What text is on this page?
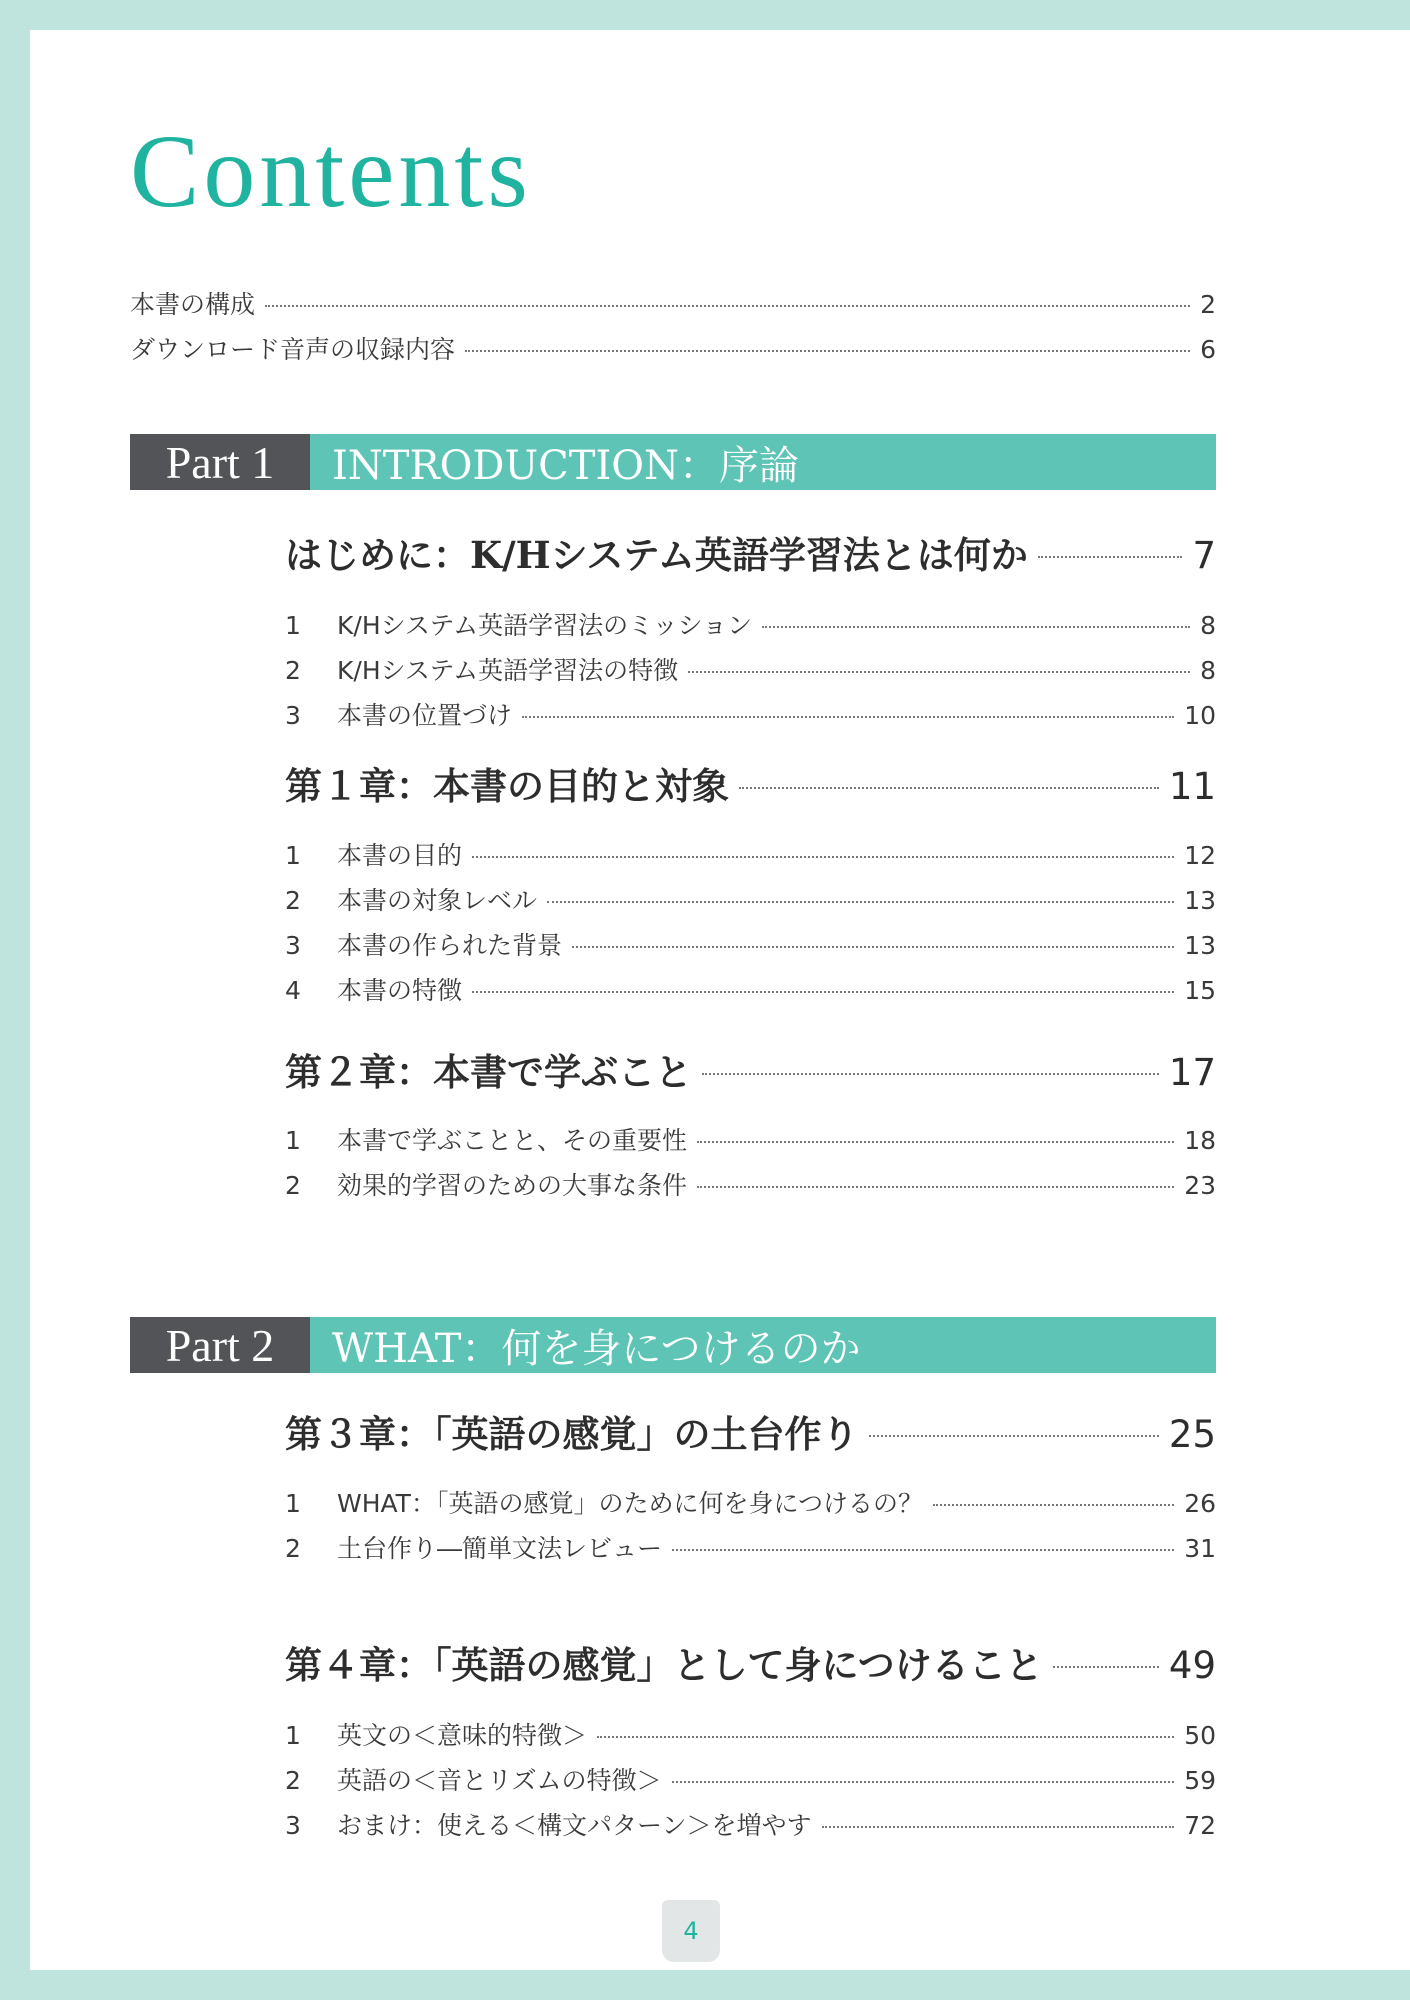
Contents
本書の構成	2
ダウンロード音声の収録内容	6
Part 1	INTRODUCTION：序論
はじめに：K/Hシステム英語学習法とは何か	7
1	K/Hシステム英語学習法のミッション	8
2	K/Hシステム英語学習法の特徴	8
3	本書の位置づけ	10
第１章：本書の目的と対象	11
1	本書の目的	12
2	本書の対象レベル	13
3	本書の作られた背景	13
4	本書の特徴	15
第２章：本書で学ぶこと	17
1	本書で学ぶことと、その重要性	18
2	効果的学習のための大事な条件	23
Part 2	WHAT：何を身につけるのか
第３章：「英語の感覚」の土台作り	25
1	WHAT：「英語の感覚」のために何を身につけるの？	26
2	土台作り―簡単文法レビュー	31
第４章：「英語の感覚」として身につけること	49
1	英文の＜意味的特徴＞	50
2	英語の＜音とリズムの特徴＞	59
3	おまけ：使える＜構文パターン＞を増やす	72
4
